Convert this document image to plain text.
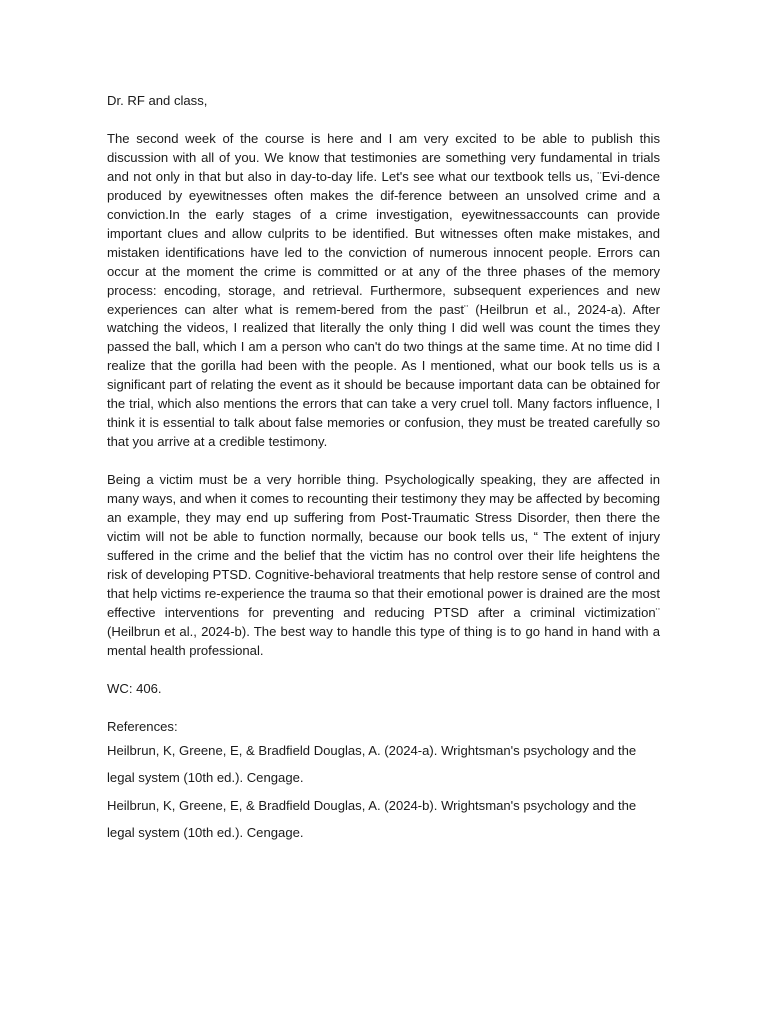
Dr. RF and class,

The second week of the course is here and I am very excited to be able to publish this discussion with all of you. We know that testimonies are something very fundamental in trials and not only in that but also in day-to-day life. Let's see what our textbook tells us, ¨Evi-dence produced by eyewitnesses often makes the dif-ference between an unsolved crime and a conviction.In the early stages of a crime investigation, eyewitnessaccounts can provide important clues and allow culprits to be identified. But witnesses often make mistakes, and mistaken identifications have led to the conviction of numerous innocent people. Errors can occur at the moment the crime is committed or at any of the three phases of the memory process: encoding, storage, and retrieval. Furthermore, subsequent experiences and new experiences can alter what is remem-bered from the past¨ (Heilbrun et al., 2024-a). After watching the videos, I realized that literally the only thing I did well was count the times they passed the ball, which I am a person who can't do two things at the same time. At no time did I realize that the gorilla had been with the people. As I mentioned, what our book tells us is a significant part of relating the event as it should be because important data can be obtained for the trial, which also mentions the errors that can take a very cruel toll. Many factors influence, I think it is essential to talk about false memories or confusion, they must be treated carefully so that you arrive at a credible testimony.

Being a victim must be a very horrible thing. Psychologically speaking, they are affected in many ways, and when it comes to recounting their testimony they may be affected by becoming an example, they may end up suffering from Post-Traumatic Stress Disorder, then there the victim will not be able to function normally, because our book tells us, “ The extent of injury suffered in the crime and the belief that the victim has no control over their life heightens the risk of developing PTSD. Cognitive-behavioral treatments that help restore sense of control and that help victims re-experience the trauma so that their emotional power is drained are the most effective interventions for preventing and reducing PTSD after a criminal victimization¨ (Heilbrun et al., 2024-b). The best way to handle this type of thing is to go hand in hand with a mental health professional.

WC: 406.

References:

Heilbrun, K, Greene, E, & Bradfield Douglas, A. (2024-a). Wrightsman's psychology and the legal system (10th ed.). Cengage.

Heilbrun, K, Greene, E, & Bradfield Douglas, A. (2024-b). Wrightsman's psychology and the legal system (10th ed.). Cengage.
